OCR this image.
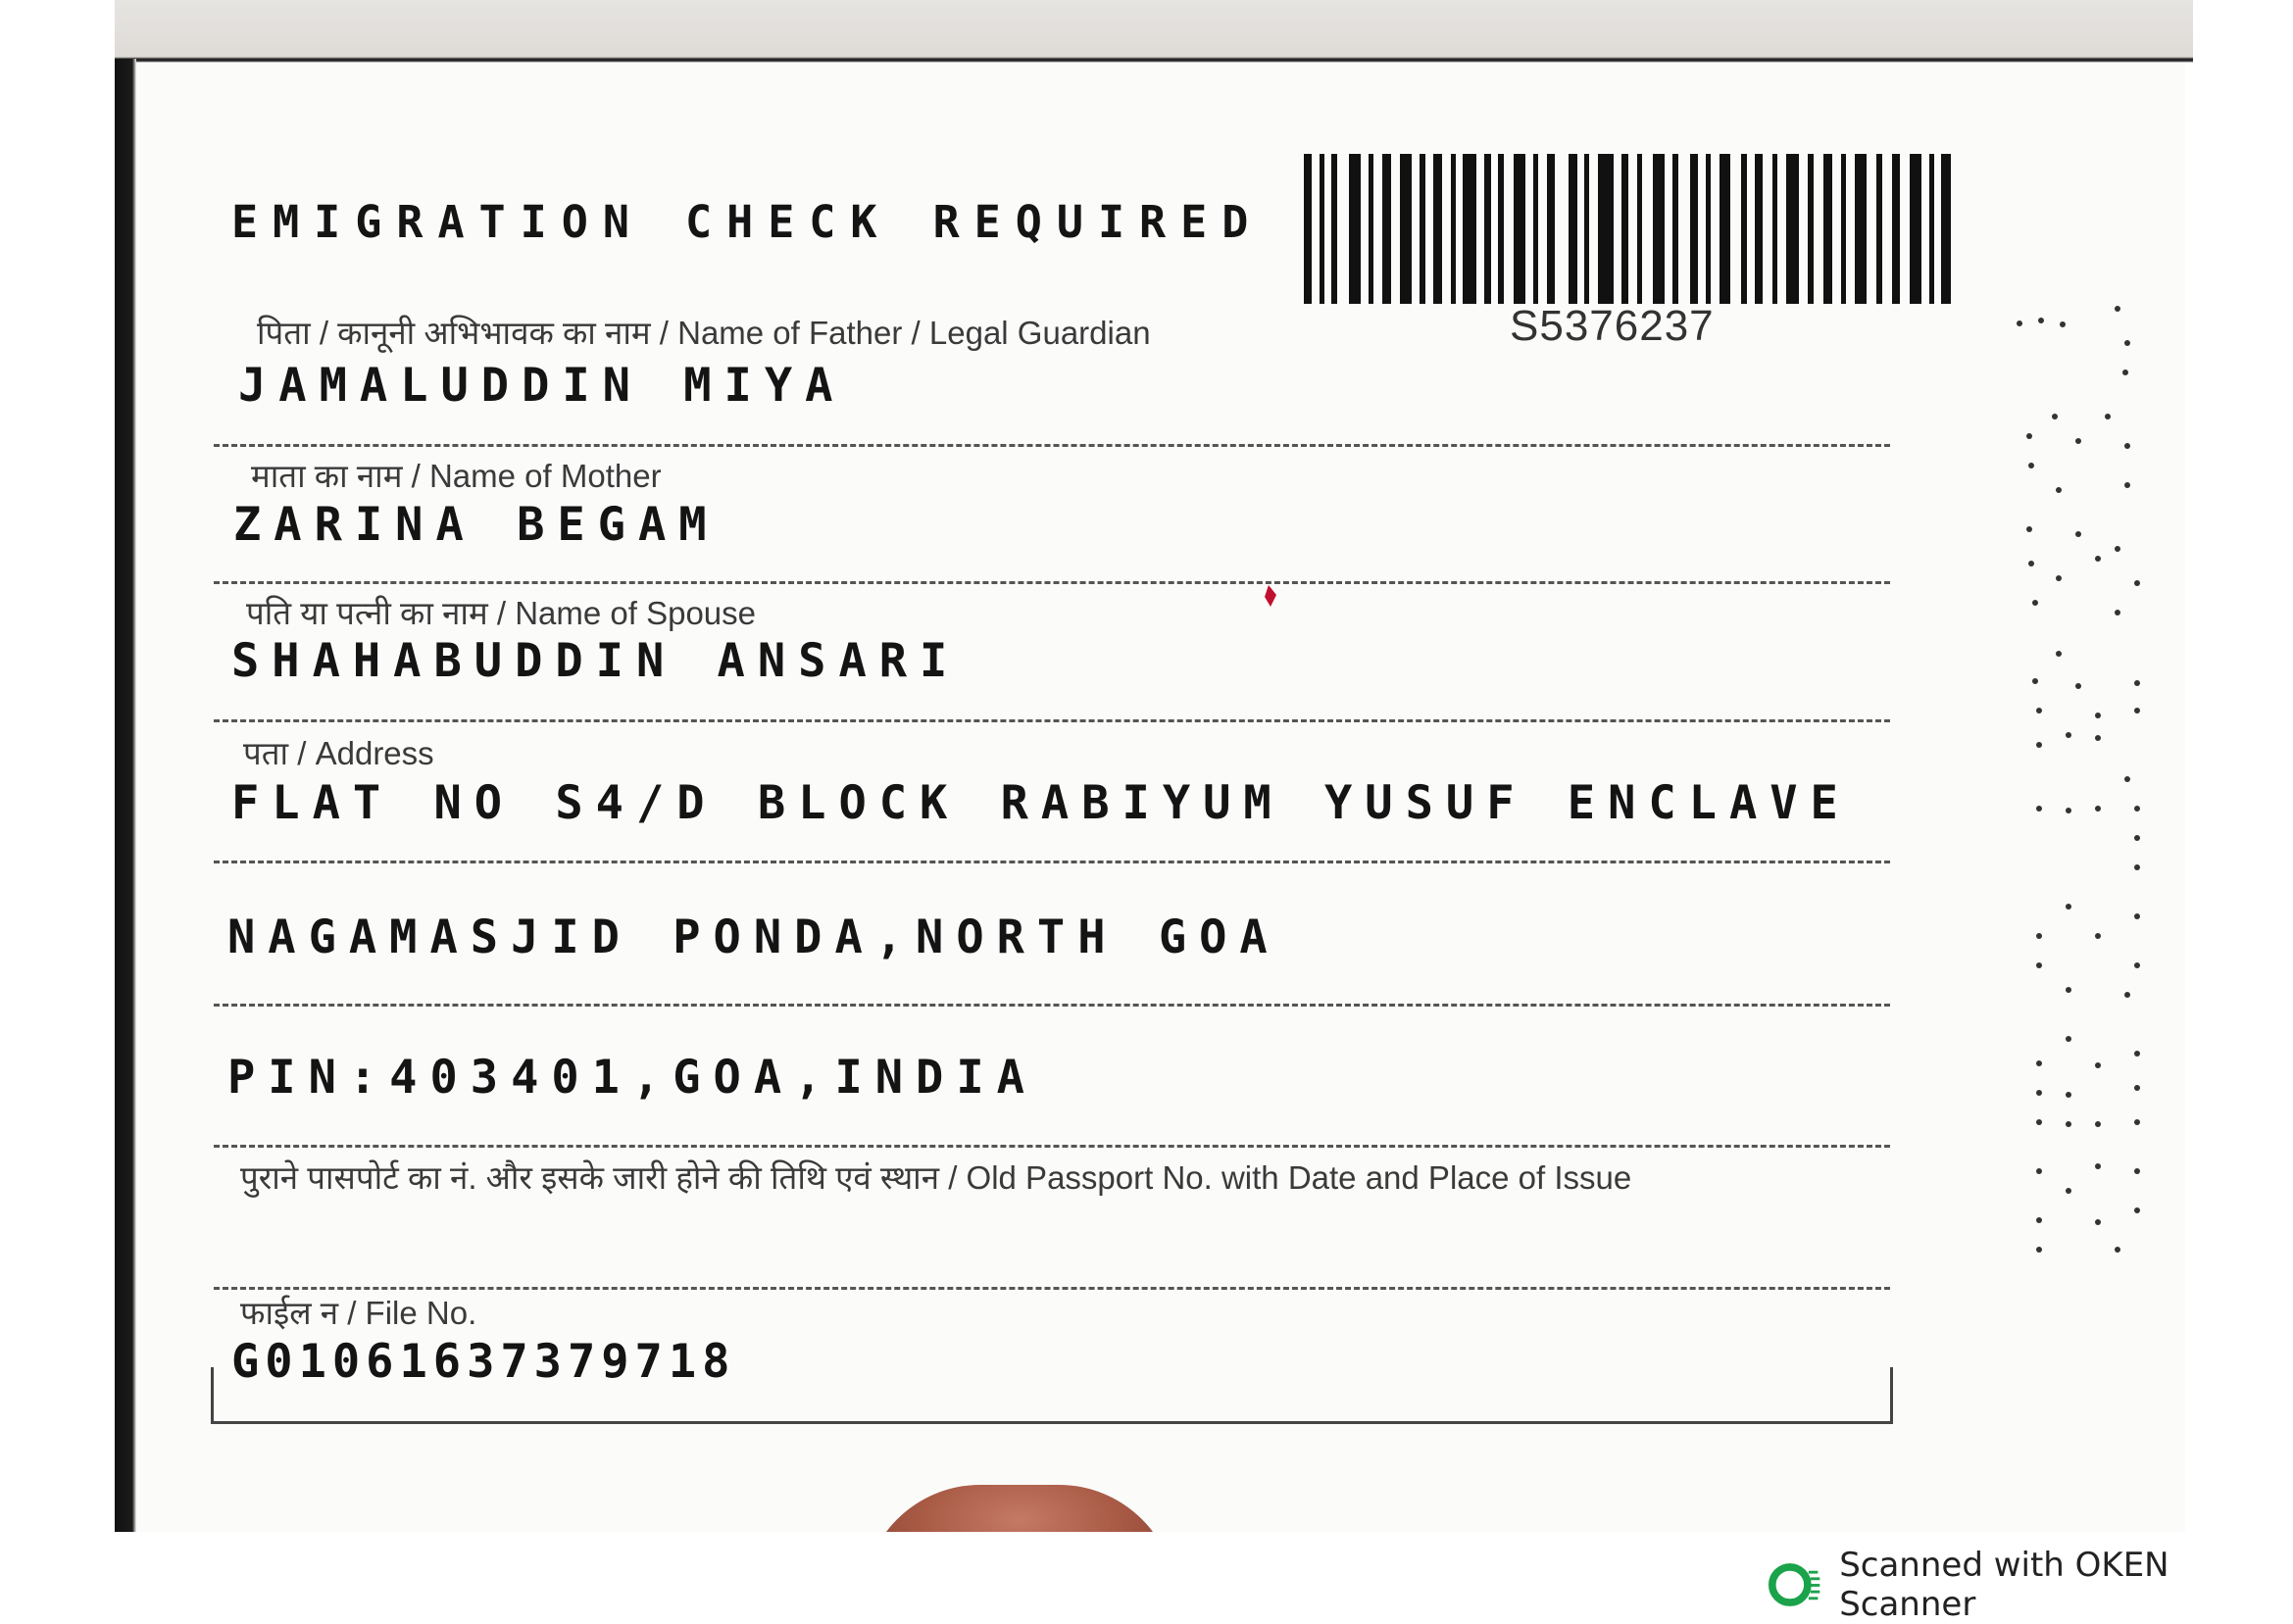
EMIGRATION CHECK REQUIRED
S5376237
पिता / कानूनी अभिभावक का नाम / Name of Father / Legal Guardian
JAMALUDDIN MIYA
माता का नाम / Name of Mother
ZARINA BEGAM
पति या पत्नी का नाम / Name of Spouse
SHAHABUDDIN ANSARI
पता / Address
FLAT NO S4/D BLOCK RABIYUM YUSUF ENCLAVE
NAGAMASJID PONDA,NORTH GOA
PIN:403401,GOA,INDIA
पुराने पासपोर्ट का नं. और इसके जारी होने की तिथि एवं स्थान / Old Passport No. with Date and Place of Issue
फाईल न / File No.
G01061637379718
Scanned with OKEN Scanner
